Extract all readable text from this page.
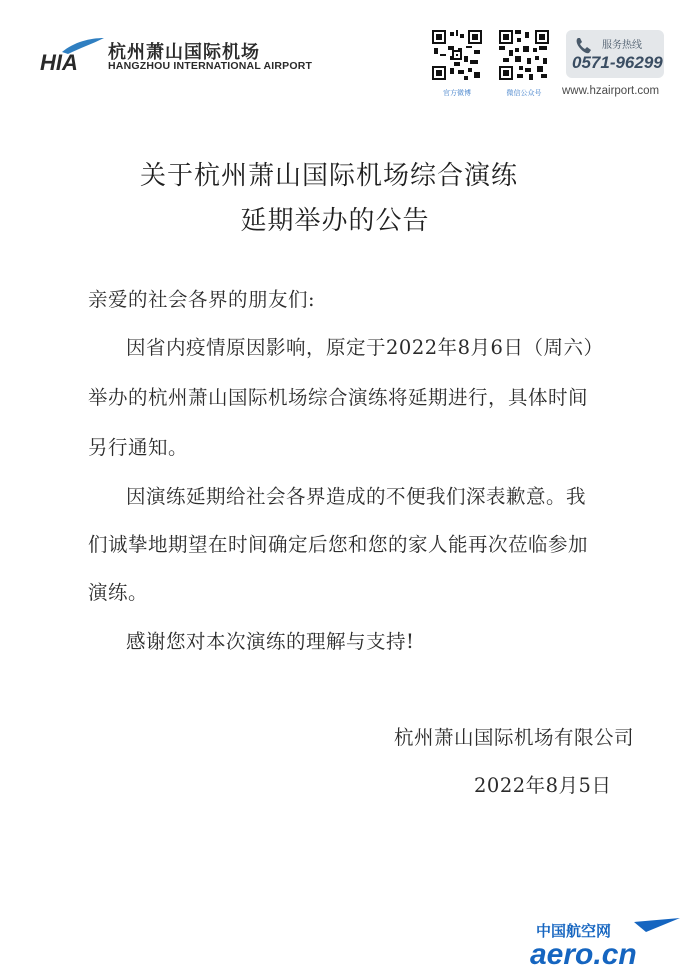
HIA 杭州萧山国际机场
HANGZHOU INTERNATIONAL AIRPORT
官方微博	微信公众号
服务热线
0571-96299
www.hzairport.com
关于杭州萧山国际机场综合演练
延期举办的公告
亲爱的社会各界的朋友们:
因省内疫情原因影响，原定于2022年8月6日（周六）
举办的杭州萧山国际机场综合演练将延期进行，具体时间
另行通知。
因演练延期给社会各界造成的不便我们深表歉意。我
们诚挚地期望在时间确定后您和您的家人能再次莅临参加
演练。
感谢您对本次演练的理解与支持!
杭州萧山国际机场有限公司
2022年8月5日
中国航空网
aero.cn
